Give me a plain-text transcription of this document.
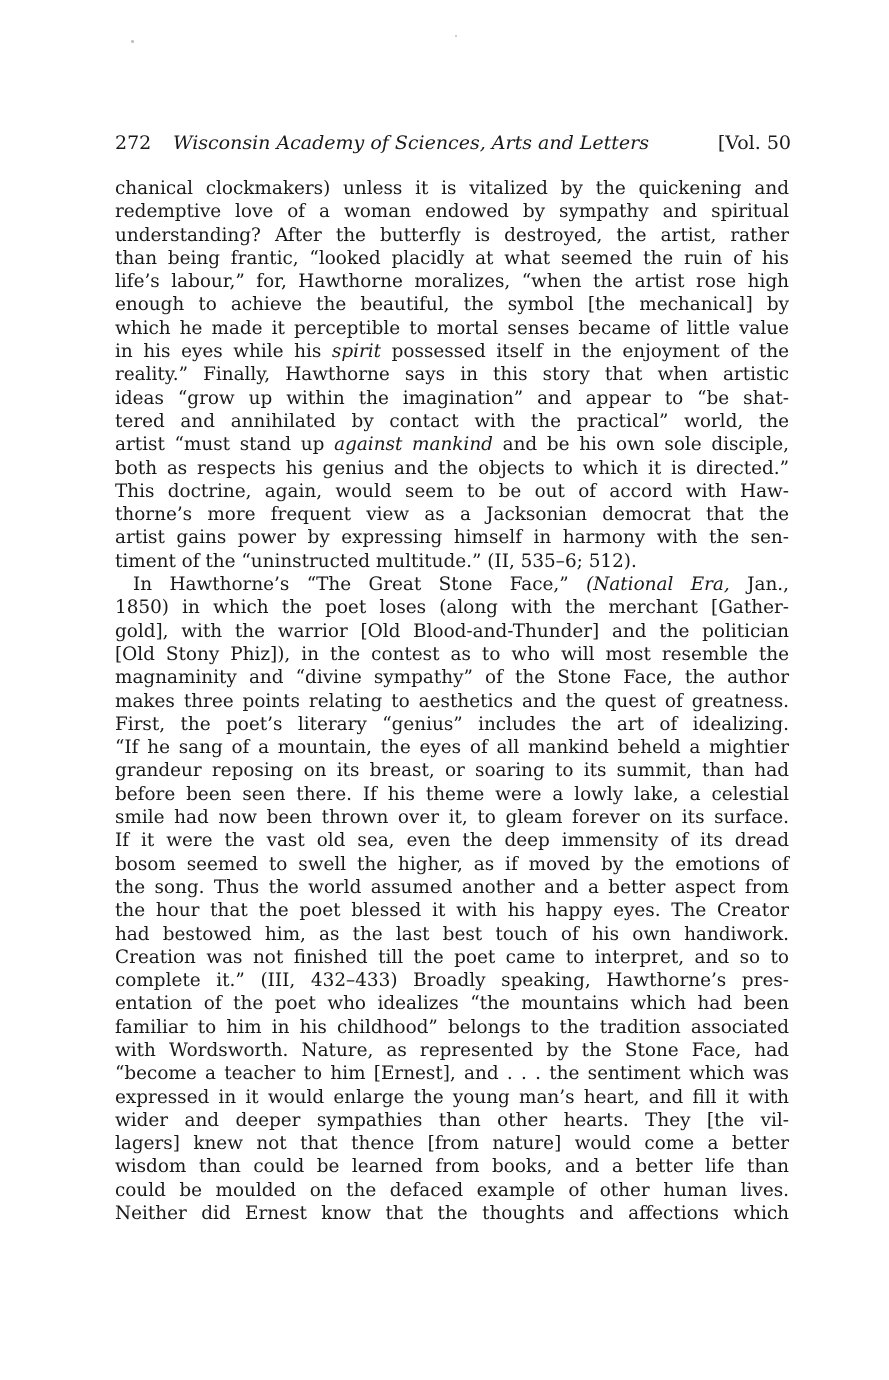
272 Wisconsin Academy of Sciences, Arts and Letters	[Vol. 50
chanical clockmakers) unless it is vitalized by the quickening and
redemptive love of a woman endowed by sympathy and spiritual
understanding? After the butterfly is destroyed, the artist, rather
than being frantic, “looked placidly at what seemed the ruin of his
life’s labour,” for, Hawthorne moralizes, “when the artist rose high
enough to achieve the beautiful, the symbol [the mechanical] by
which he made it perceptible to mortal senses became of little value
in his eyes while his spirit possessed itself in the enjoyment of the
reality.” Finally, Hawthorne says in this story that when artistic
ideas “grow up within the imagination” and appear to “be shat-
tered and annihilated by contact with the practical” world, the
artist “must stand up against mankind and be his own sole disciple,
both as respects his genius and the objects to which it is directed.”
This doctrine, again, would seem to be out of accord with Haw-
thorne’s more frequent view as a Jacksonian democrat that the
artist gains power by expressing himself in harmony with the sen-
timent of the “uninstructed multitude.” (II, 535–6; 512).
In Hawthorne’s “The Great Stone Face,” (National Era, Jan.,
1850) in which the poet loses (along with the merchant [Gather-
gold], with the warrior [Old Blood-and-Thunder] and the politician
[Old Stony Phiz]), in the contest as to who will most resemble the
magnaminity and “divine sympathy” of the Stone Face, the author
makes three points relating to aesthetics and the quest of greatness.
First, the poet’s literary “genius” includes the art of idealizing.
“If he sang of a mountain, the eyes of all mankind beheld a mightier
grandeur reposing on its breast, or soaring to its summit, than had
before been seen there. If his theme were a lowly lake, a celestial
smile had now been thrown over it, to gleam forever on its surface.
If it were the vast old sea, even the deep immensity of its dread
bosom seemed to swell the higher, as if moved by the emotions of
the song. Thus the world assumed another and a better aspect from
the hour that the poet blessed it with his happy eyes. The Creator
had bestowed him, as the last best touch of his own handiwork.
Creation was not finished till the poet came to interpret, and so to
complete it.” (III, 432–433) Broadly speaking, Hawthorne’s pres-
entation of the poet who idealizes “the mountains which had been
familiar to him in his childhood” belongs to the tradition associated
with Wordsworth. Nature, as represented by the Stone Face, had
“become a teacher to him [Ernest], and . . . the sentiment which was
expressed in it would enlarge the young man’s heart, and fill it with
wider and deeper sympathies than other hearts. They [the vil-
lagers] knew not that thence [from nature] would come a better
wisdom than could be learned from books, and a better life than
could be moulded on the defaced example of other human lives.
Neither did Ernest know that the thoughts and affections which
